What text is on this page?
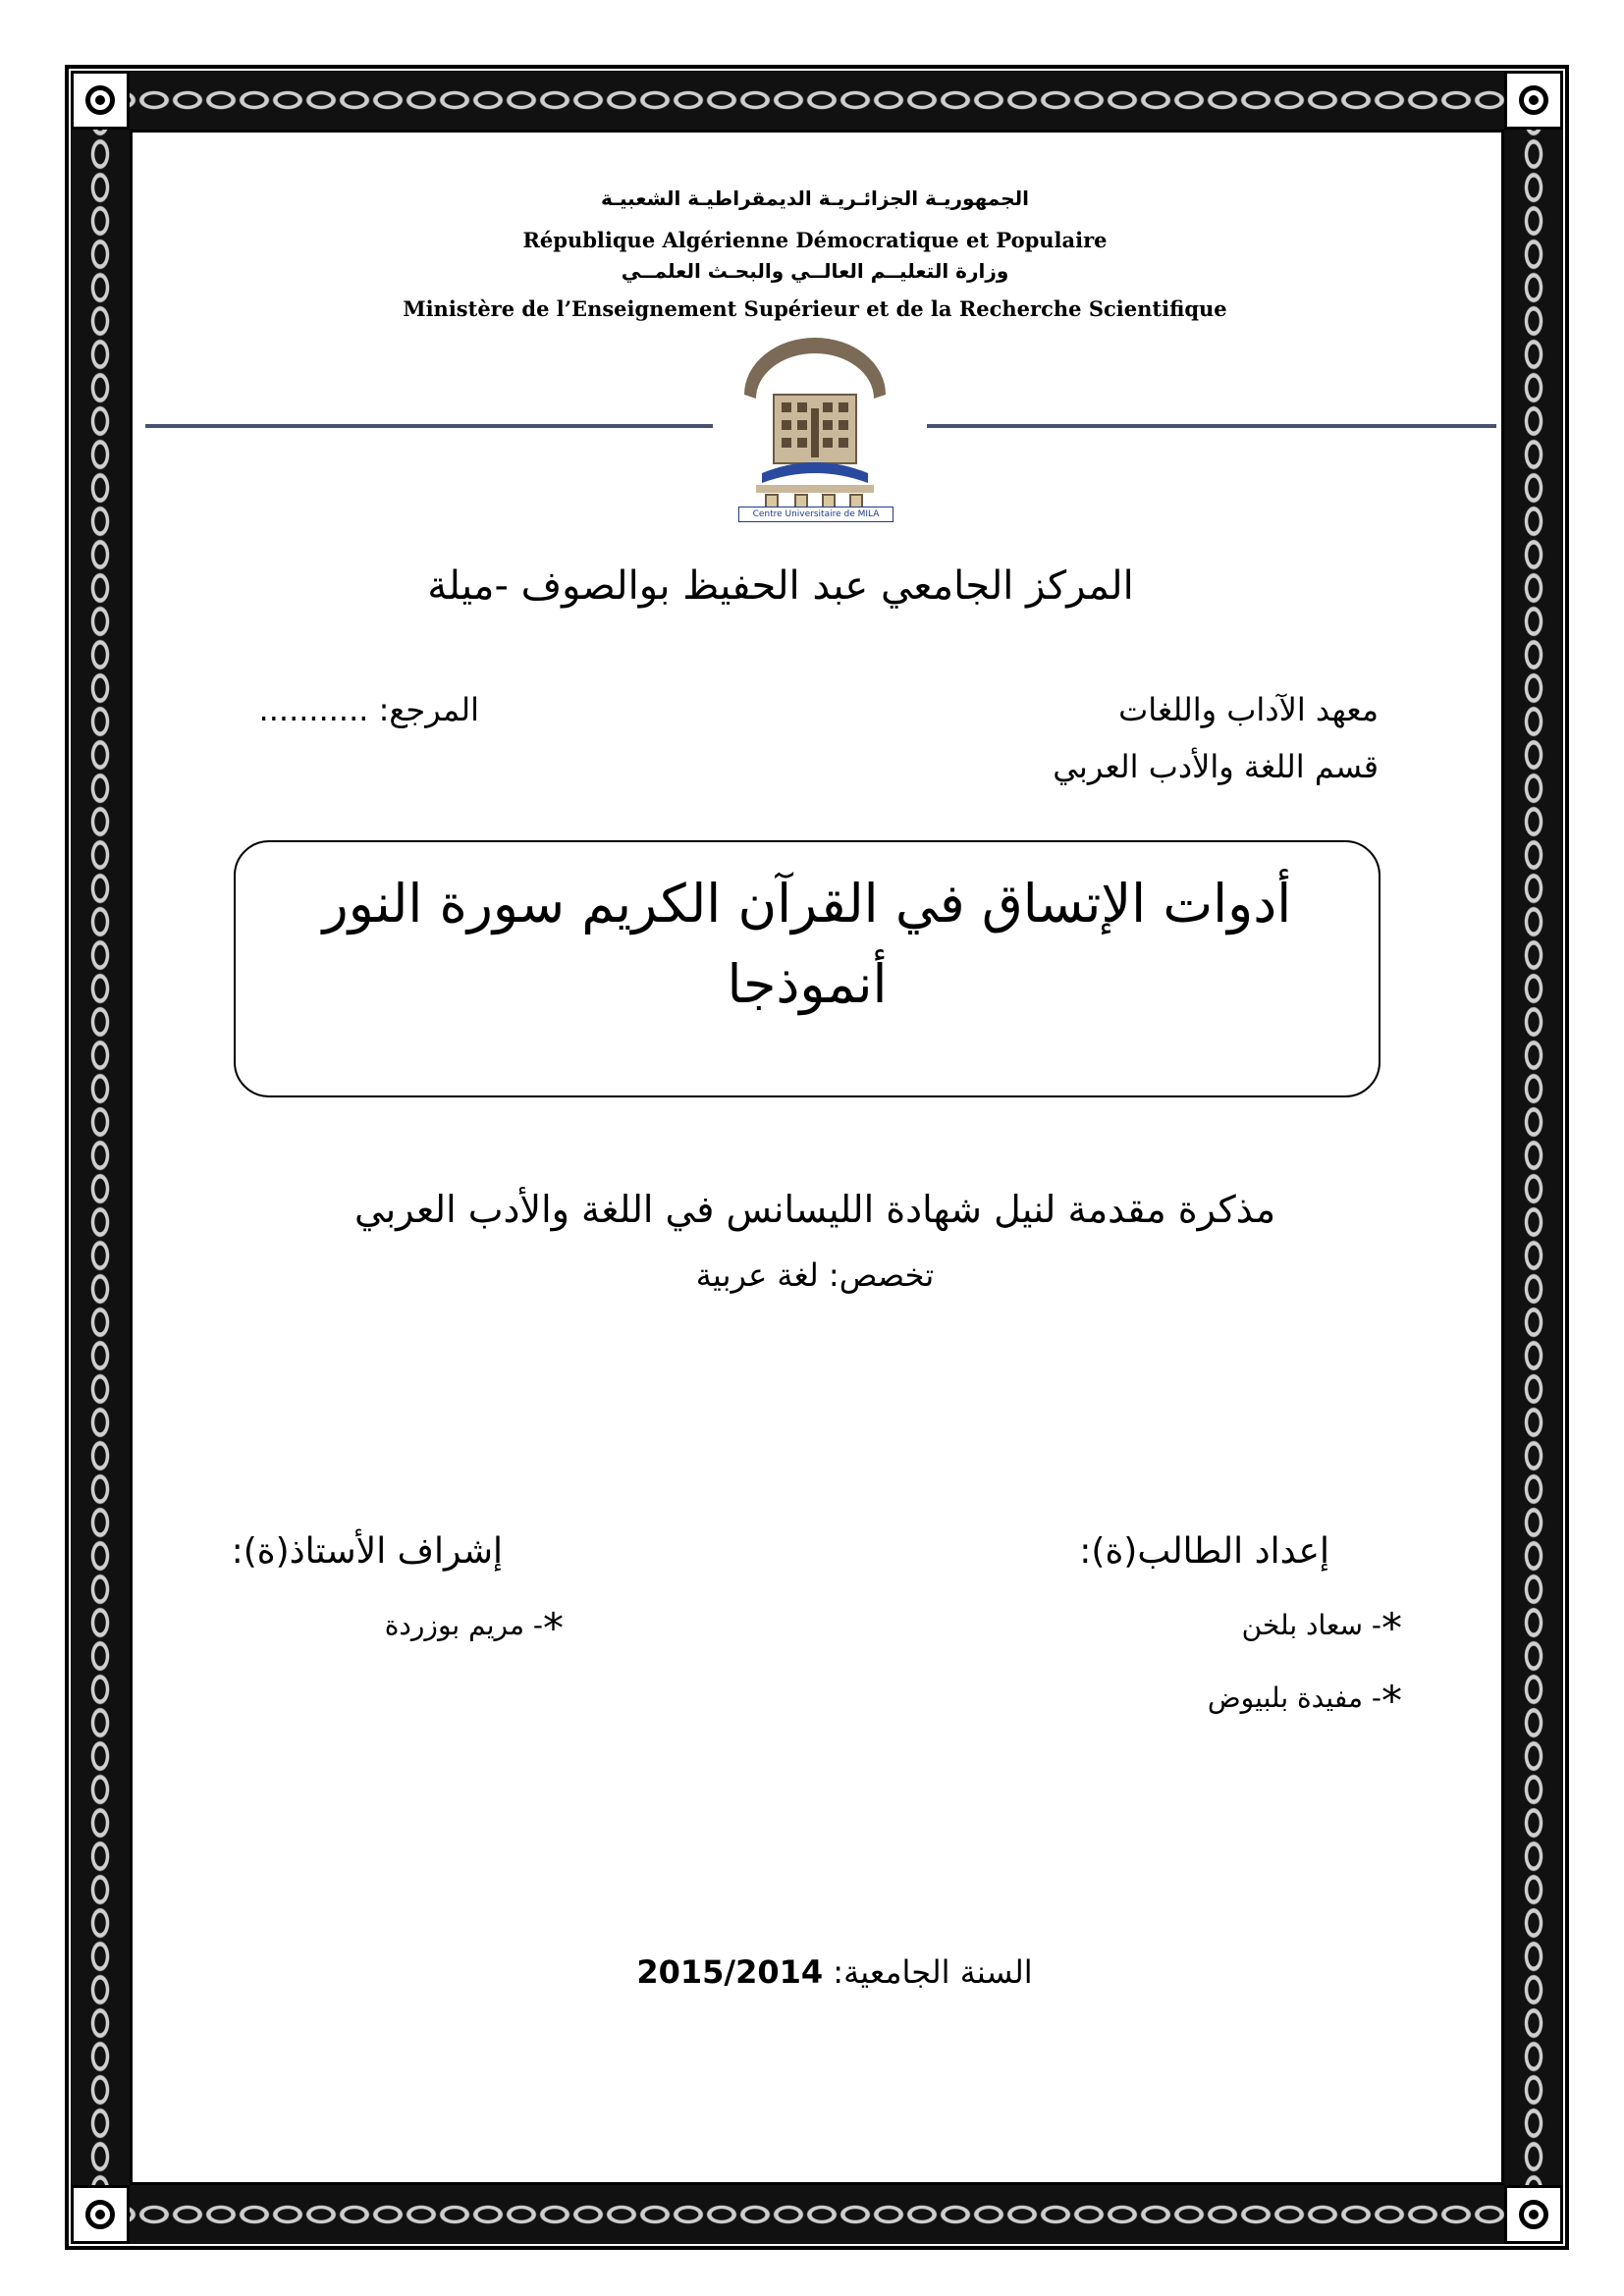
الجمهوريـة الجزائـريـة الديمقراطيـة الشعبيـة
République Algérienne Démocratique et Populaire
وزارة التعليــم العالــي والبحـث العلمــي
Ministère de l’Enseignement Supérieur et de la Recherche Scientifique
Centre Universitaire de MILA
المركز الجامعي عبد الحفيظ بوالصوف -ميلة
معهد الآداب واللغات
قسم اللغة والأدب العربي
المرجع: ...........
أدوات الإتساق في القرآن الكريم سورة النور أنموذجا
مذكرة مقدمة لنيل شهادة الليسانس في اللغة والأدب العربي
تخصص: لغة عربية
إعداد الطالب(ة):
*- سعاد بلخن
*- مفيدة بلبيوض
إشراف الأستاذ(ة):
*- مريم بوزردة
السنة الجامعية: 2015/2014
